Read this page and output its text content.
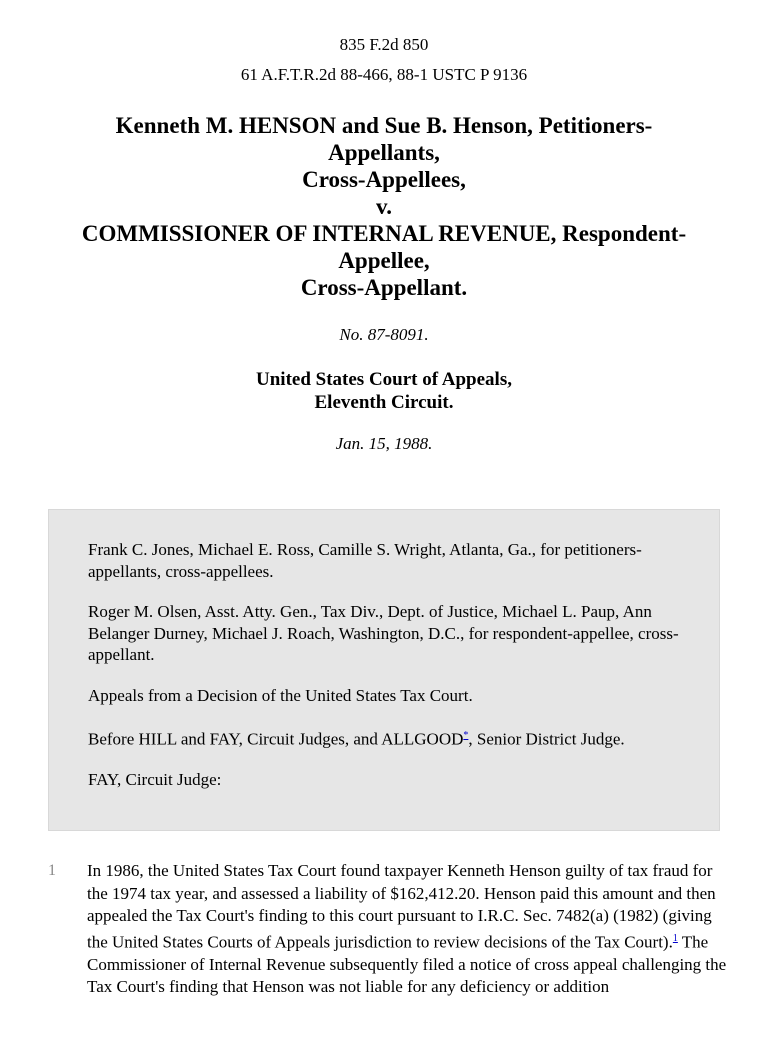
835 F.2d 850
61 A.F.T.R.2d 88-466, 88-1 USTC P 9136
Kenneth M. HENSON and Sue B. Henson, Petitioners-
Appellants,
Cross-Appellees,
v.
COMMISSIONER OF INTERNAL REVENUE, Respondent-
Appellee,
Cross-Appellant.
No. 87-8091.
United States Court of Appeals,
Eleventh Circuit.
Jan. 15, 1988.

Frank C. Jones, Michael E. Ross, Camille S. Wright, Atlanta, Ga., for petitioners-appellants, cross-appellees.

Roger M. Olsen, Asst. Atty. Gen., Tax Div., Dept. of Justice, Michael L. Paup, Ann Belanger Durney, Michael J. Roach, Washington, D.C., for respondent-appellee, cross-appellant.

Appeals from a Decision of the United States Tax Court.

Before HILL and FAY, Circuit Judges, and ALLGOOD*, Senior District Judge.

FAY, Circuit Judge:

1	In 1986, the United States Tax Court found taxpayer Kenneth Henson guilty of tax fraud for the 1974 tax year, and assessed a liability of $162,412.20. Henson paid this amount and then appealed the Tax Court's finding to this court pursuant to I.R.C. Sec. 7482(a) (1982) (giving the United States Courts of Appeals jurisdiction to review decisions of the Tax Court).$^1$ The Commissioner of Internal Revenue subsequently filed a notice of cross appeal challenging the Tax Court's finding that Henson was not liable for any deficiency or addition
